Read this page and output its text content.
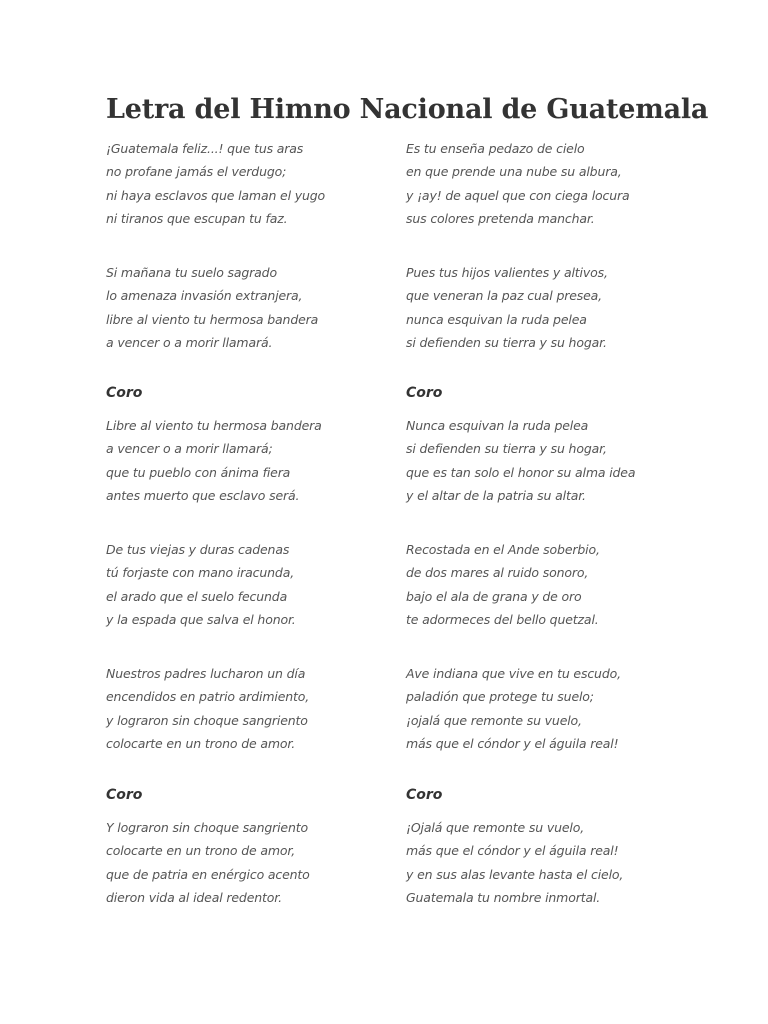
Letra del Himno Nacional de Guatemala
¡Guatemala feliz...! que tus aras
no profane jamás el verdugo;
ni haya esclavos que laman el yugo
ni tiranos que escupan tu faz.
Si mañana tu suelo sagrado
lo amenaza invasión extranjera,
libre al viento tu hermosa bandera
a vencer o a morir llamará.
Coro
Libre al viento tu hermosa bandera
a vencer o a morir llamará;
que tu pueblo con ánima fiera
antes muerto que esclavo será.
De tus viejas y duras cadenas
tú forjaste con mano iracunda,
el arado que el suelo fecunda
y la espada que salva el honor.
Nuestros padres lucharon un día
encendidos en patrio ardimiento,
y lograron sin choque sangriento
colocarte en un trono de amor.
Coro
Y lograron sin choque sangriento
colocarte en un trono de amor,
que de patria en enérgico acento
dieron vida al ideal redentor.
Es tu enseña pedazo de cielo
en que prende una nube su albura,
y ¡ay! de aquel que con ciega locura
sus colores pretenda manchar.
Pues tus hijos valientes y altivos,
que veneran la paz cual presea,
nunca esquivan la ruda pelea
si defienden su tierra y su hogar.
Coro
Nunca esquivan la ruda pelea
si defienden su tierra y su hogar,
que es tan solo el honor su alma idea
y el altar de la patria su altar.
Recostada en el Ande soberbio,
de dos mares al ruido sonoro,
bajo el ala de grana y de oro
te adormeces del bello quetzal.
Ave indiana que vive en tu escudo,
paladión que protege tu suelo;
¡ojalá que remonte su vuelo,
más que el cóndor y el águila real!
Coro
¡Ojalá que remonte su vuelo,
más que el cóndor y el águila real!
y en sus alas levante hasta el cielo,
Guatemala tu nombre inmortal.
